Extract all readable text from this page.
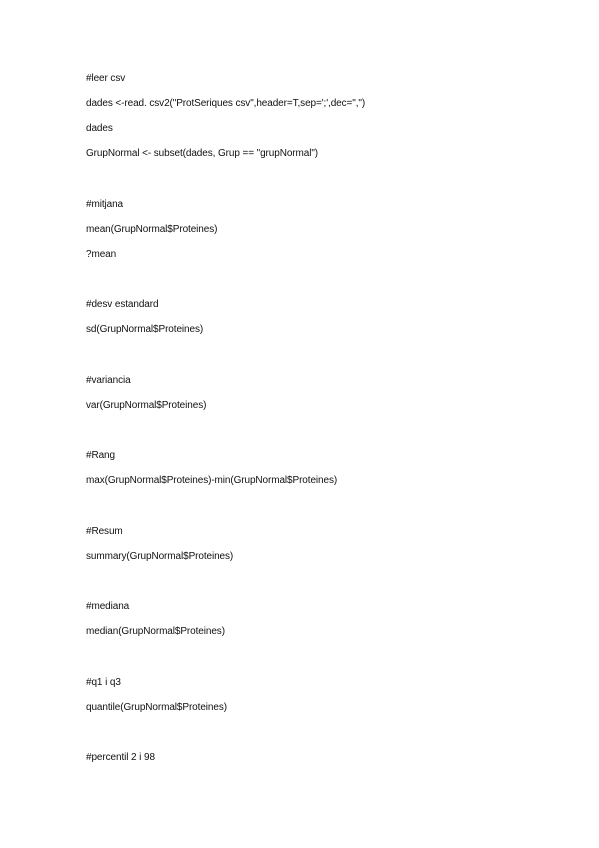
#leer csv
dades <-read. csv2("ProtSeriques csv",header=T,sep=';',dec=",")
dades
GrupNormal <- subset(dades, Grup == "grupNormal")
#mitjana
mean(GrupNormal$Proteines)
?mean
#desv estandard
sd(GrupNormal$Proteines)
#variancia
var(GrupNormal$Proteines)
#Rang
max(GrupNormal$Proteines)-min(GrupNormal$Proteines)
#Resum
summary(GrupNormal$Proteines)
#mediana
median(GrupNormal$Proteines)
#q1 i q3
quantile(GrupNormal$Proteines)
#percentil 2 i 98
